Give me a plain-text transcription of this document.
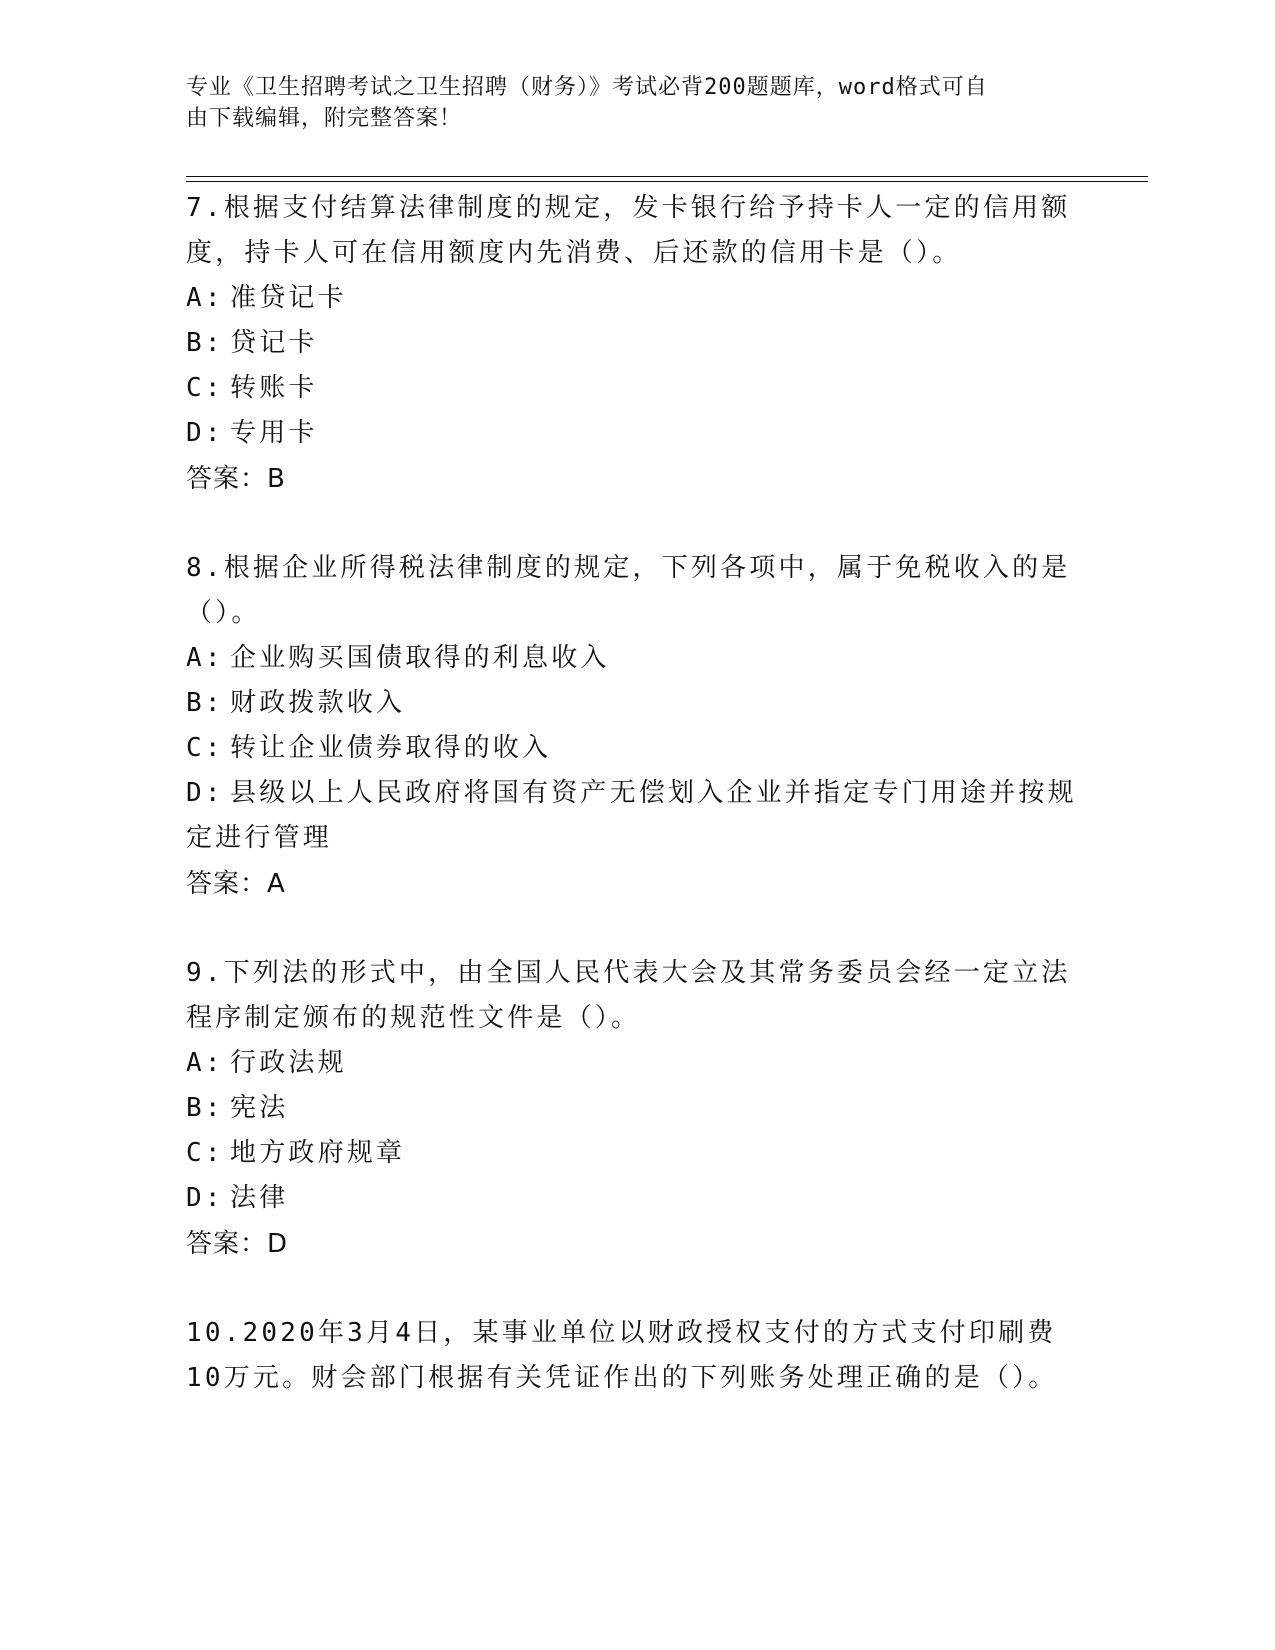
专业《卫生招聘考试之卫生招聘（财务）》考试必背200题题库，word格式可自
由下载编辑，附完整答案！

7.根据支付结算法律制度的规定，发卡银行给予持卡人一定的信用额

度，持卡人可在信用额度内先消费、后还款的信用卡是（）。

A: 准贷记卡

B: 贷记卡

C: 转账卡

D: 专用卡

答案：B

8.根据企业所得税法律制度的规定，下列各项中，属于免税收入的是

（）。

A: 企业购买国债取得的利息收入

B: 财政拨款收入

C: 转让企业债券取得的收入

D: 县级以上人民政府将国有资产无偿划入企业并指定专门用途并按规

定进行管理

答案：A

9.下列法的形式中，由全国人民代表大会及其常务委员会经一定立法

程序制定颁布的规范性文件是（）。

A: 行政法规

B: 宪法

C: 地方政府规章

D: 法律

答案：D

10.2020年3月4日，某事业单位以财政授权支付的方式支付印刷费

10万元。财会部门根据有关凭证作出的下列账务处理正确的是（）。
